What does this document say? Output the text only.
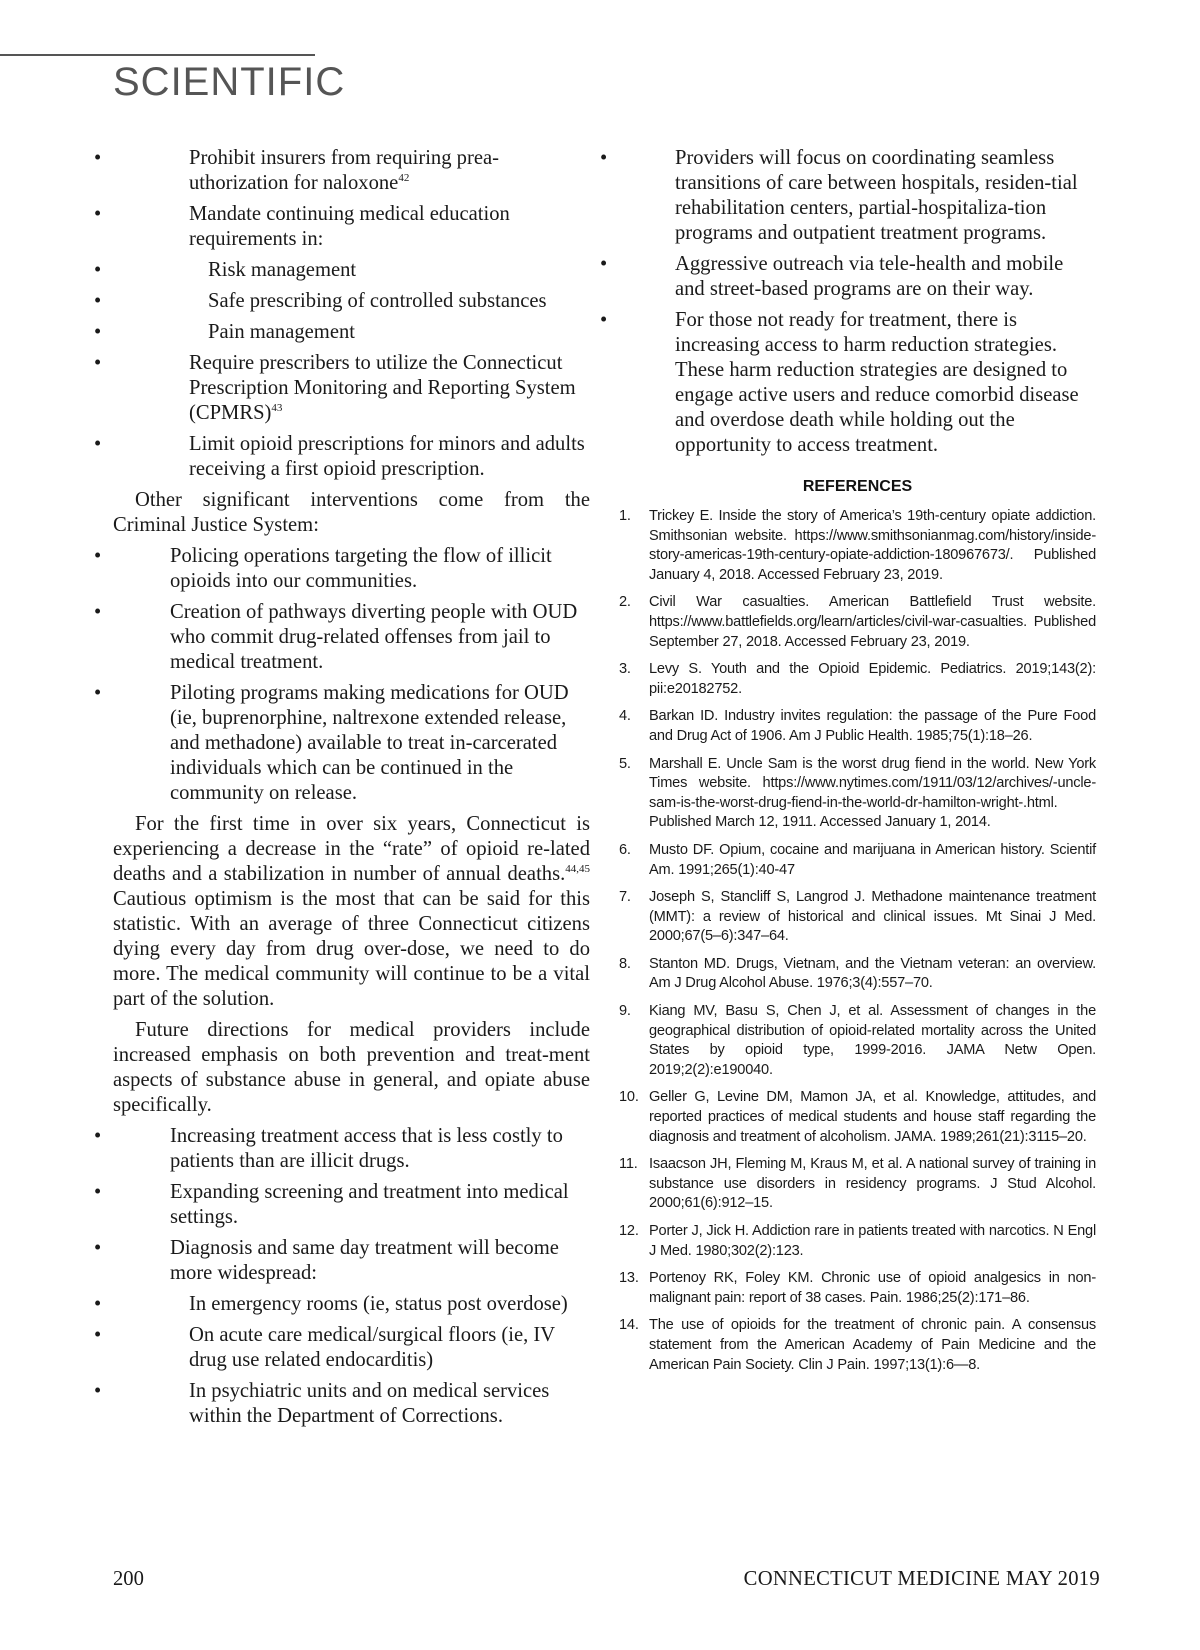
SCIENTIFIC
• Prohibit insurers from requiring prea-uthorization for naloxone$^{42}$
• Mandate continuing medical education requirements in:
• Risk management
• Safe prescribing of controlled substances
• Pain management
• Require prescribers to utilize the Connecticut Prescription Monitoring and Reporting System (CPMRS)$^{43}$
• Limit opioid prescriptions for minors and adults receiving a first opioid prescription.

Other significant interventions come from the Criminal Justice System:

• Policing operations targeting the flow of illicit opioids into our communities.
• Creation of pathways diverting people with OUD who commit drug-related offenses from jail to medical treatment.
• Piloting programs making medications for OUD (ie, buprenorphine, naltrexone extended release, and methadone) available to treat in-carcerated individuals which can be continued in the community on release.

For the first time in over six years, Connecticut is experiencing a decrease in the “rate” of opioid re-lated deaths and a stabilization in number of annual deaths.$^{44,45}$ Cautious optimism is the most that can be said for this statistic. With an average of three Connecticut citizens dying every day from drug over-dose, we need to do more. The medical community will continue to be a vital part of the solution.

Future directions for medical providers include increased emphasis on both prevention and treat-ment aspects of substance abuse in general, and opiate abuse specifically.

• Increasing treatment access that is less costly to patients than are illicit drugs.
• Expanding screening and treatment into medical settings.
• Diagnosis and same day treatment will become more widespread:
• In emergency rooms (ie, status post overdose)
• On acute care medical/surgical floors (ie, IV drug use related endocarditis)
• In psychiatric units and on medical services within the Department of Corrections.
• Providers will focus on coordinating seamless transitions of care between hospitals, residen-tial rehabilitation centers, partial-hospitaliza-tion programs and outpatient treatment programs.
• Aggressive outreach via tele-health and mobile and street-based programs are on their way.
• For those not ready for treatment, there is increasing access to harm reduction strategies. These harm reduction strategies are designed to engage active users and reduce comorbid disease and overdose death while holding out the opportunity to access treatment.
REFERENCES
1. Trickey E. Inside the story of America’s 19th-century opiate addiction. Smithsonian website. https://www.smithsonianmag.com/history/inside-story-americas-19th-century-opiate-addiction-180967673/. Published January 4, 2018. Accessed February 23, 2019.
2. Civil War casualties. American Battlefield Trust website. https://www.battlefields.org/learn/articles/civil-war-casualties. Published September 27, 2018. Accessed February 23, 2019.
3. Levy S. Youth and the Opioid Epidemic. Pediatrics. 2019;143(2): pii:e20182752.
4. Barkan ID. Industry invites regulation: the passage of the Pure Food and Drug Act of 1906. Am J Public Health. 1985;75(1):18–26.
5. Marshall E. Uncle Sam is the worst drug fiend in the world. New York Times website. https://www.nytimes.com/1911/03/12/archives/-uncle-sam-is-the-worst-drug-fiend-in-the-world-dr-hamilton-wright-.html. Published March 12, 1911. Accessed January 1, 2014.
6. Musto DF. Opium, cocaine and marijuana in American history. Scientif Am. 1991;265(1):40-47
7. Joseph S, Stancliff S, Langrod J. Methadone maintenance treatment (MMT): a review of historical and clinical issues. Mt Sinai J Med. 2000;67(5–6):347–64.
8. Stanton MD. Drugs, Vietnam, and the Vietnam veteran: an overview. Am J Drug Alcohol Abuse. 1976;3(4):557–70.
9. Kiang MV, Basu S, Chen J, et al. Assessment of changes in the geographical distribution of opioid-related mortality across the United States by opioid type, 1999-2016. JAMA Netw Open. 2019;2(2):e190040.
10. Geller G, Levine DM, Mamon JA, et al. Knowledge, attitudes, and reported practices of medical students and house staff regarding the diagnosis and treatment of alcoholism. JAMA. 1989;261(21):3115–20.
11. Isaacson JH, Fleming M, Kraus M, et al. A national survey of training in substance use disorders in residency programs. J Stud Alcohol. 2000;61(6):912–15.
12. Porter J, Jick H. Addiction rare in patients treated with narcotics. N Engl J Med. 1980;302(2):123.
13. Portenoy RK, Foley KM. Chronic use of opioid analgesics in non-malignant pain: report of 38 cases. Pain. 1986;25(2):171–86.
14. The use of opioids for the treatment of chronic pain. A consensus statement from the American Academy of Pain Medicine and the American Pain Society. Clin J Pain. 1997;13(1):6—8.
200	CONNECTICUT MEDICINE MAY 2019
